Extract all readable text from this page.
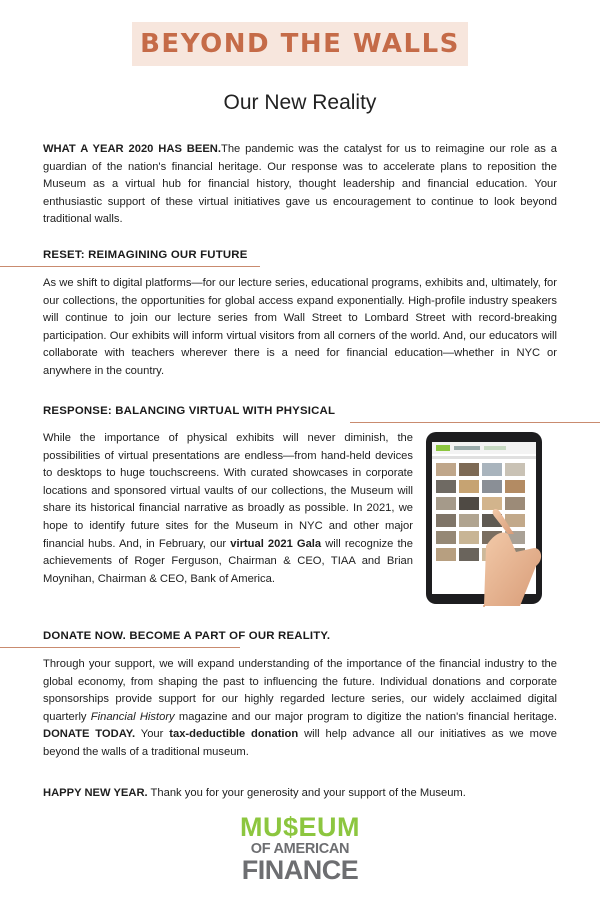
BEYOND THE WALLS
Our New Reality

WHAT A YEAR 2020 HAS BEEN.The pandemic was the catalyst for us to reimagine our role as a guardian of the nation's financial heritage. Our response was to accelerate plans to reposition the Museum as a virtual hub for financial history, thought leadership and financial education. Your enthusiastic support of these virtual initiatives gave us encouragement to continue to look beyond traditional walls.

RESET: REIMAGINING OUR FUTURE

As we shift to digital platforms—for our lecture series, educational programs, exhibits and, ultimately, for our collections, the opportunities for global access expand exponentially. High-profile industry speakers will continue to join our lecture series from Wall Street to Lombard Street with record-breaking participation. Our exhibits will inform virtual visitors from all corners of the world. And, our educators will collaborate with teachers wherever there is a need for financial education—whether in NYC or anywhere in the country.

RESPONSE: BALANCING VIRTUAL WITH PHYSICAL

While the importance of physical exhibits will never diminish, the possibilities of virtual presentations are endless—from hand-held devices to desktops to huge touchscreens. With curated showcases in corporate locations and sponsored virtual vaults of our collections, the Museum will share its historical financial narrative as broadly as possible. In 2021, we hope to identify future sites for the Museum in NYC and other major financial hubs. And, in February, our virtual 2021 Gala will recognize the achievements of Roger Ferguson, Chairman & CEO, TIAA and Brian Moynihan, Chairman & CEO, Bank of America.

DONATE NOW. BECOME A PART OF OUR REALITY.

Through your support, we will expand understanding of the importance of the financial industry to the global economy, from shaping the past to influencing the future. Individual donations and corporate sponsorships provide support for our highly regarded lecture series, our widely acclaimed digital quarterly Financial History magazine and our major program to digitize the nation's financial heritage. DONATE TODAY. Your tax-deductible donation will help advance all our initiatives as we move beyond the walls of a traditional museum.

HAPPY NEW YEAR. Thank you for your generosity and your support of the Museum.

MU$EUM
OF AMERICAN
FINANCE
